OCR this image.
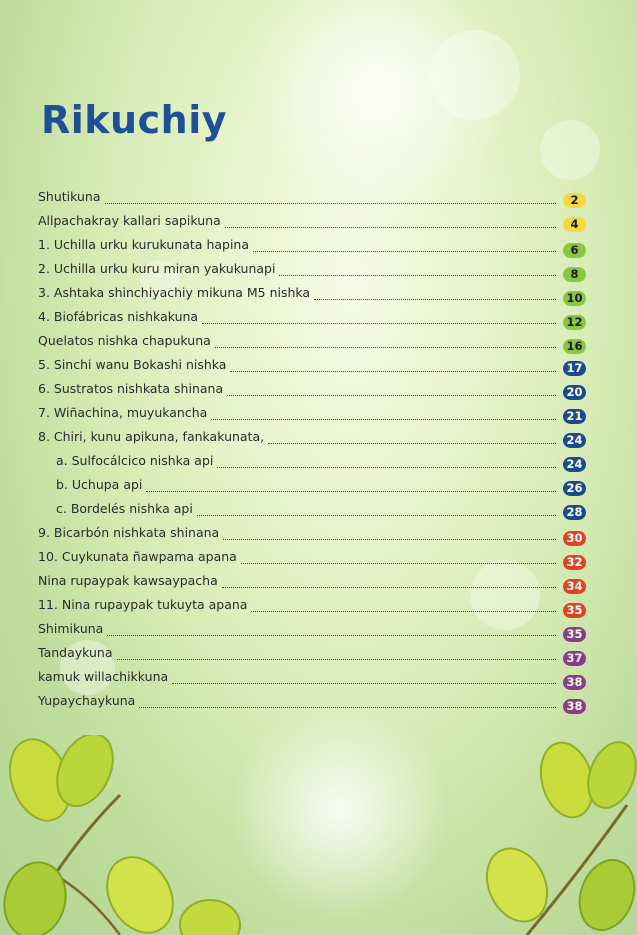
Rikuchiy
Shutikuna	2
Allpachakray kallari sapikuna	4
1. Uchilla urku kurukunata hapina	6
2. Uchilla urku kuru miran yakukunapi	8
3. Ashtaka shinchiyachiy mikuna M5 nishka	10
4. Biofábricas nishkakuna	12
Quelatos nishka chapukuna	16
5. Sinchi wanu Bokashi nishka	17
6. Sustratos nishkata shinana	20
7. Wiñachina, muyukancha	21
8. Chiri, kunu apikuna, fankakunata,	24
a. Sulfocálcico nishka api	24
b. Uchupa api	26
c. Bordelés nishka api	28
9. Bicarbón nishkata shinana	30
10. Cuykunata ñawpama apana	32
Nina rupaypak kawsaypacha	34
11. Nina rupaypak tukuyta apana	35
Shimikuna	35
Tandaykuna	37
kamuk willachikkuna	38
Yupaychaykuna	38
